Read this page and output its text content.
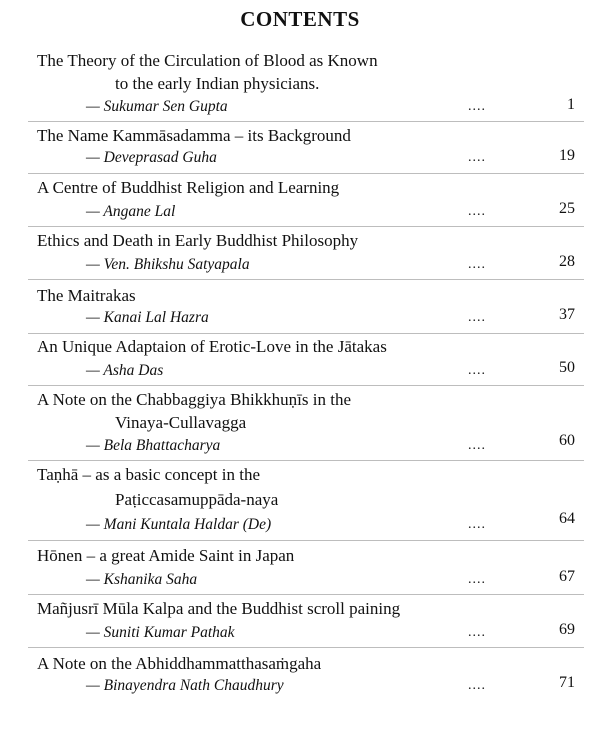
CONTENTS
The Theory of the Circulation of Blood as Known
to the early Indian physicians.
— Sukumar Sen Gupta	....	1
The Name Kammāsadamma – its Background
— Deveprasad Guha	....	19
A Centre of Buddhist Religion and Learning
— Angane Lal	....	25
Ethics and Death in Early Buddhist Philosophy
— Ven. Bhikshu Satyapala	....	28
The Maitrakas
— Kanai Lal Hazra	....	37
An Unique Adaptaion of Erotic-Love in the Jātakas
— Asha Das	....	50
A Note on the Chabbaggiya Bhikkhuṇīs in the
Vinaya-Cullavagga
— Bela Bhattacharya	....	60
Taṇhā – as a basic concept in the
Paṭiccasamuppāda-naya
— Mani Kuntala Haldar (De)	....	64
Hōnen – a great Amide Saint in Japan
— Kshanika Saha	....	67
Mañjusrī Mūla Kalpa and the Buddhist scroll paining
— Suniti Kumar Pathak	....	69
A Note on the Abhiddhammatthasaṁgaha
— Binayendra Nath Chaudhury	....	71
